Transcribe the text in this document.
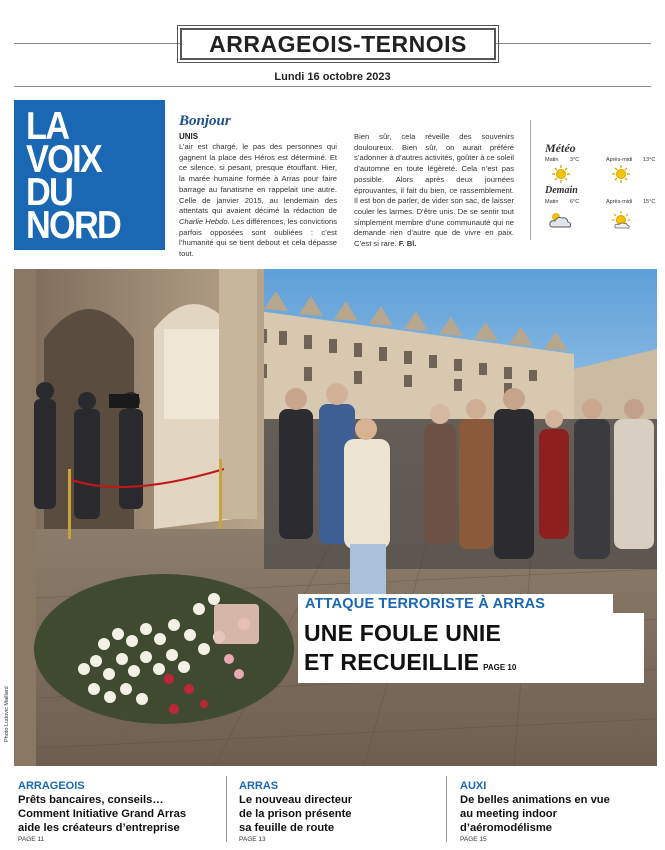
ARRAGEOIS-TERNOIS
Lundi 16 octobre 2023
LA
VOIX
DU
NORD
Bonjour
UNIS
L’air est chargé, le pas des personnes qui gagnent la place des Héros est déterminé. Et ce silence, si pesant, presque étouffant. Hier, la marée humaine formée à Arras pour faire barrage au fanatisme en rappelait une autre. Celle de janvier 2015, au lendemain des attentats qui avaient décimé la rédaction de Charlie Hebdo. Les différences, les convictions parfois opposées sont oubliées : c’est l’humanité qui se tient debout et cela dépasse tout.
Bien sûr, cela réveille des souvenirs douloureux. Bien sûr, on aurait préféré s’adonner à d’autres activités, goûter à ce soleil d’automne en toute légèreté. Cela n’est pas possible. Alors après deux journées éprouvantes, il fait du bien, ce rassemblement. Il est bon de parler, de vider son sac, de laisser couler les larmes. D’être unis. De se sentir tout simplement membre d’une communauté qui ne demande rien d’autre que de vivre en paix. C’est si rare. F. Bl.
Météo
Matin 3°C	Après-midi 13°C
Demain
Matin 6°C	Après-midi 15°C
Photo Ludovic Maillard
ATTAQUE TERRORISTE À ARRAS
UNE FOULE UNIE
ET RECUEILLIE PAGE 10
ARRAGEOIS
Prêts bancaires, conseils…
Comment Initiative Grand Arras
aide les créateurs d’entreprise
PAGE 11
ARRAS
Le nouveau directeur
de la prison présente
sa feuille de route
PAGE 13
AUXI
De belles animations en vue
au meeting indoor
d’aéromodélisme
PAGE 15
